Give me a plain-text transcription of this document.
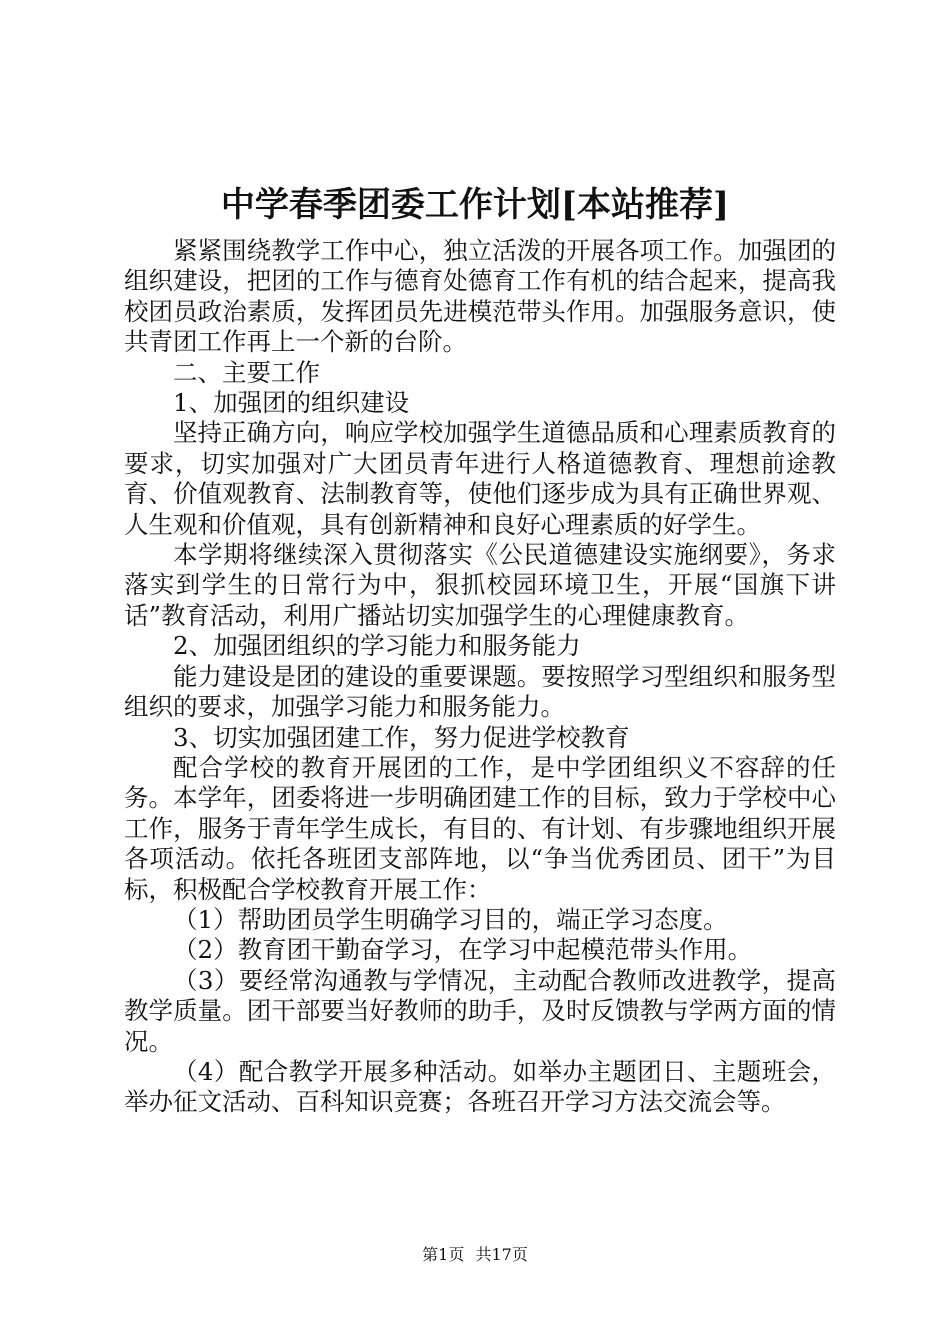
中学春季团委工作计划[本站推荐]

紧紧围绕教学工作中心，独立活泼的开展各项工作。加强团的组织建设，把团的工作与德育处德育工作有机的结合起来，提高我校团员政治素质，发挥团员先进模范带头作用。加强服务意识，使共青团工作再上一个新的台阶。

二、主要工作

1、加强团的组织建设

坚持正确方向，响应学校加强学生道德品质和心理素质教育的要求，切实加强对广大团员青年进行人格道德教育、理想前途教育、价值观教育、法制教育等，使他们逐步成为具有正确世界观、人生观和价值观，具有创新精神和良好心理素质的好学生。

本学期将继续深入贯彻落实《公民道德建设实施纲要》，务求落实到学生的日常行为中，狠抓校园环境卫生，开展“国旗下讲话”教育活动，利用广播站切实加强学生的心理健康教育。

2、加强团组织的学习能力和服务能力

能力建设是团的建设的重要课题。要按照学习型组织和服务型组织的要求，加强学习能力和服务能力。

3、切实加强团建工作，努力促进学校教育

配合学校的教育开展团的工作，是中学团组织义不容辞的任务。本学年，团委将进一步明确团建工作的目标，致力于学校中心工作，服务于青年学生成长，有目的、有计划、有步骤地组织开展各项活动。依托各班团支部阵地，以“争当优秀团员、团干”为目标，积极配合学校教育开展工作：

（1）帮助团员学生明确学习目的，端正学习态度。

（2）教育团干勤奋学习，在学习中起模范带头作用。

（3）要经常沟通教与学情况，主动配合教师改进教学，提高教学质量。团干部要当好教师的助手，及时反馈教与学两方面的情况。

（4）配合教学开展多种活动。如举办主题团日、主题班会，举办征文活动、百科知识竞赛；各班召开学习方法交流会等。

第1页 共17页
